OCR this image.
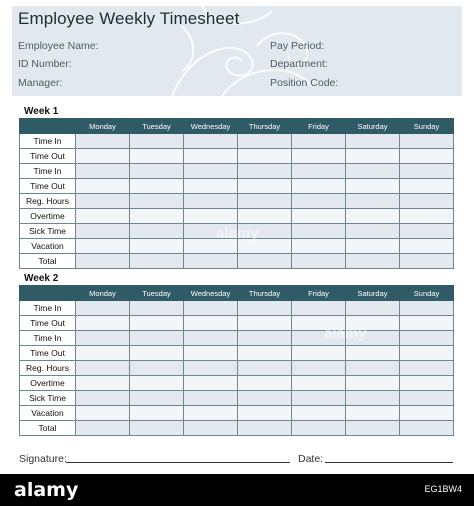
Employee Weekly Timesheet
Employee Name:
ID Number:
Manager:
Pay Period:
Department:
Position Code:
Week 1
	Monday	Tuesday	Wednesday	Thursday	Friday	Saturday	Sunday
Time In							
Time Out							
Time In							
Time Out							
Reg. Hours							
Overtime							
Sick Time							
Vacation							
Total							
Week 2
	Monday	Tuesday	Wednesday	Thursday	Friday	Saturday	Sunday
Time In							
Time Out							
Time In							
Time Out							
Reg. Hours							
Overtime							
Sick Time							
Vacation							
Total							
alamy
alamy
Signature:	Date:
alamy	EG1BW4
